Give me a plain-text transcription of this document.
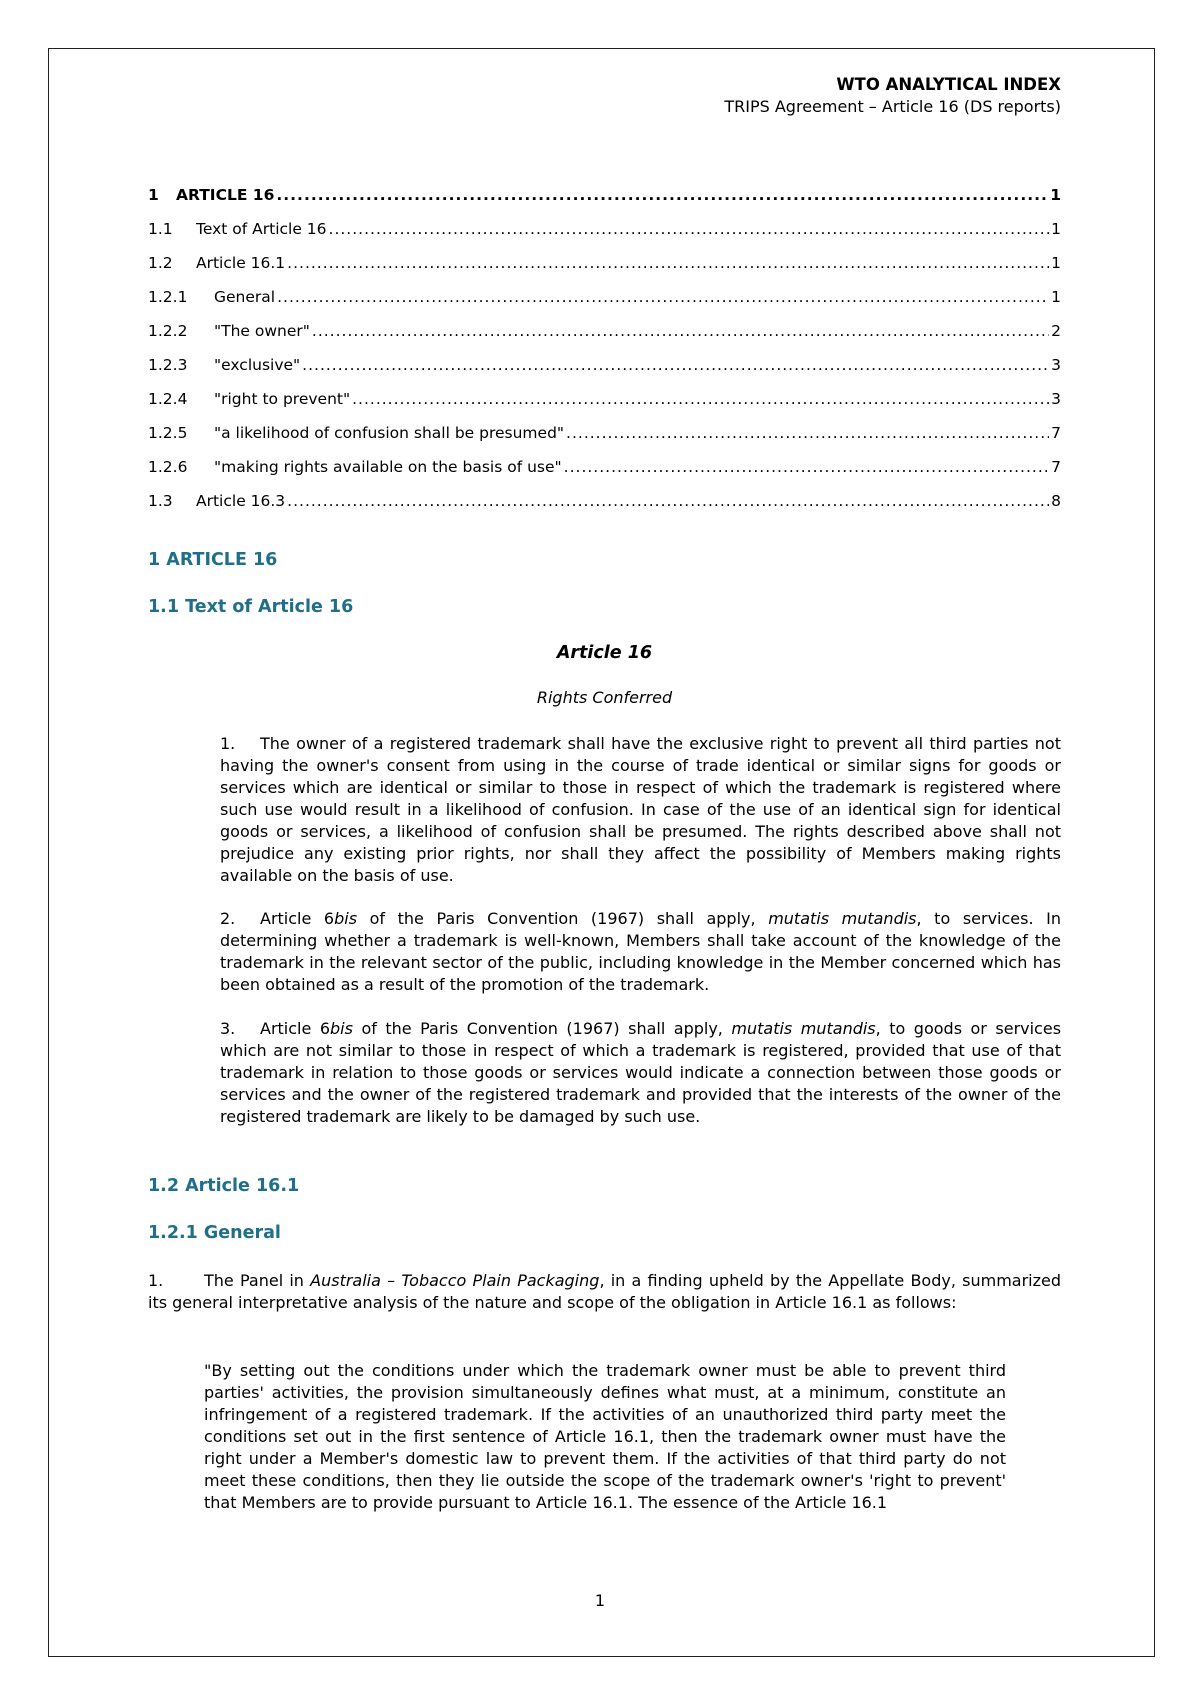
WTO ANALYTICAL INDEX
TRIPS Agreement – Article 16 (DS reports)
1	ARTICLE 16 .....	1
1.1	Text of Article 16 .....	1
1.2	Article 16.1 .....	1
1.2.1	General .....	1
1.2.2	"The owner" .....	2
1.2.3	"exclusive" .....	3
1.2.4	"right to prevent" .....	3
1.2.5	"a likelihood of confusion shall be presumed" .....	7
1.2.6	"making rights available on the basis of use" .....	7
1.3	Article 16.3 .....	8
1 ARTICLE 16
1.1 Text of Article 16
Article 16
Rights Conferred
1. The owner of a registered trademark shall have the exclusive right to prevent all third parties not having the owner's consent from using in the course of trade identical or similar signs for goods or services which are identical or similar to those in respect of which the trademark is registered where such use would result in a likelihood of confusion. In case of the use of an identical sign for identical goods or services, a likelihood of confusion shall be presumed. The rights described above shall not prejudice any existing prior rights, nor shall they affect the possibility of Members making rights available on the basis of use.
2. Article 6bis of the Paris Convention (1967) shall apply, mutatis mutandis, to services. In determining whether a trademark is well-known, Members shall take account of the knowledge of the trademark in the relevant sector of the public, including knowledge in the Member concerned which has been obtained as a result of the promotion of the trademark.
3. Article 6bis of the Paris Convention (1967) shall apply, mutatis mutandis, to goods or services which are not similar to those in respect of which a trademark is registered, provided that use of that trademark in relation to those goods or services would indicate a connection between those goods or services and the owner of the registered trademark and provided that the interests of the owner of the registered trademark are likely to be damaged by such use.
1.2 Article 16.1
1.2.1 General
1.	The Panel in Australia – Tobacco Plain Packaging, in a finding upheld by the Appellate Body, summarized its general interpretative analysis of the nature and scope of the obligation in Article 16.1 as follows:
"By setting out the conditions under which the trademark owner must be able to prevent third parties' activities, the provision simultaneously defines what must, at a minimum, constitute an infringement of a registered trademark. If the activities of an unauthorized third party meet the conditions set out in the first sentence of Article 16.1, then the trademark owner must have the right under a Member's domestic law to prevent them. If the activities of that third party do not meet these conditions, then they lie outside the scope of the trademark owner's 'right to prevent' that Members are to provide pursuant to Article 16.1. The essence of the Article 16.1
1
